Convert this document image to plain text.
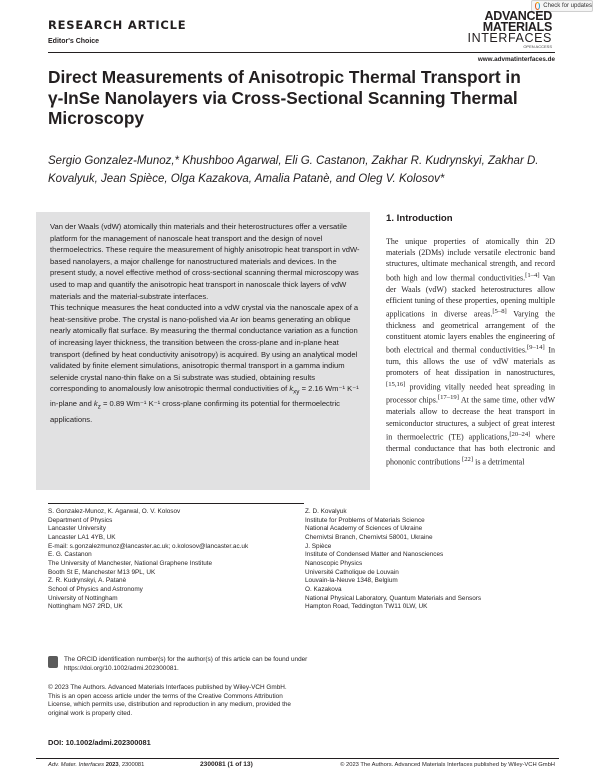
RESEARCH ARTICLE
Editor's Choice
Check for updates
ADVANCED
MATERIALS
INTERFACES
OPEN ACCESS
www.advmatinterfaces.de
Direct Measurements of Anisotropic Thermal Transport in γ-InSe Nanolayers via Cross-Sectional Scanning Thermal Microscopy
Sergio Gonzalez-Munoz,* Khushboo Agarwal, Eli G. Castanon, Zakhar R. Kudrynskyi, Zakhar D. Kovalyuk, Jean Spièce, Olga Kazakova, Amalia Patanè, and Oleg V. Kolosov*

Van der Waals (vdW) atomically thin materials and their heterostructures offer a versatile platform for the management of nanoscale heat transport and the design of novel thermoelectrics. These require the measurement of highly anisotropic heat transport in vdW-based nanolayers, a major challenge for nanostructured materials and devices. In the present study, a novel effective method of cross-sectional scanning thermal microscopy was used to map and quantify the anisotropic heat transport in nanoscale thick layers of vdW materials and the material-substrate interfaces.

This technique measures the heat conducted into a vdW crystal via the nanoscale apex of a heat-sensitive probe. The crystal is nano-polished via Ar ion beams generating an oblique nearly atomically flat surface. By measuring the thermal conductance variation as a function of increasing layer thickness, the transition between the cross-plane and in-plane heat transport (defined by heat conductivity anisotropy) is acquired. By using an analytical model validated by finite element simulations, anisotropic thermal transport in a gamma indium selenide crystal nano-thin flake on a Si substrate was studied, obtaining results corresponding to anomalously low anisotropic thermal conductivities of $k_{xy} = 2.16$ Wm⁻¹ K⁻¹ in-plane and $k_z = 0.89$ Wm⁻¹ K⁻¹ cross-plane confirming its potential for thermoelectric applications.

1. Introduction
The unique properties of atomically thin 2D materials (2DMs) include versatile electronic band structures, ultimate mechanical strength, and record both high and low thermal conductivities.[1–4] Van der Waals (vdW) stacked heterostructures allow efficient tuning of these properties, opening multiple applications in diverse areas.[5–8] Varying the thickness and geometrical arrangement of the constituent atomic layers enables the engineering of both electrical and thermal conductivities.[9–14] In turn, this allows the use of vdW materials as promoters of heat dissipation in nanostructures,[15,16] providing vitally needed heat spreading in processor chips.[17–19] At the same time, other vdW materials allow to decrease the heat transport in semiconductor structures, a subject of great interest in thermoelectric (TE) applications,[20–24] where thermal conductance that has both electronic and phononic contributions [22] is a detrimental
S. Gonzalez-Munoz, K. Agarwal, O. V. Kolosov
Department of Physics
Lancaster University
Lancaster LA1 4YB, UK
E-mail: s.gonzalezmunoz@lancaster.ac.uk; o.kolosov@lancaster.ac.uk
E. G. Castanon
The University of Manchester, National Graphene Institute
Booth St E, Manchester M13 9PL, UK
Z. R. Kudrynskyi, A. Patanè
School of Physics and Astronomy
University of Nottingham
Nottingham NG7 2RD, UK
Z. D. Kovalyuk
Institute for Problems of Materials Science
National Academy of Sciences of Ukraine
Chernivtsi Branch, Chernivtsi 58001, Ukraine
J. Spièce
Institute of Condensed Matter and Nanosciences
Nanoscopic Physics
Université Catholique de Louvain
Louvain-la-Neuve 1348, Belgium
O. Kazakova
National Physical Laboratory, Quantum Materials and Sensors
Hampton Road, Teddington TW11 0LW, UK
The ORCID identification number(s) for the author(s) of this article can be found under https://doi.org/10.1002/admi.202300081.
© 2023 The Authors. Advanced Materials Interfaces published by Wiley-VCH GmbH. This is an open access article under the terms of the Creative Commons Attribution License, which permits use, distribution and reproduction in any medium, provided the original work is properly cited.
DOI: 10.1002/admi.202300081
Adv. Mater. Interfaces 2023, 2300081	2300081 (1 of 13)	© 2023 The Authors. Advanced Materials Interfaces published by Wiley-VCH GmbH
